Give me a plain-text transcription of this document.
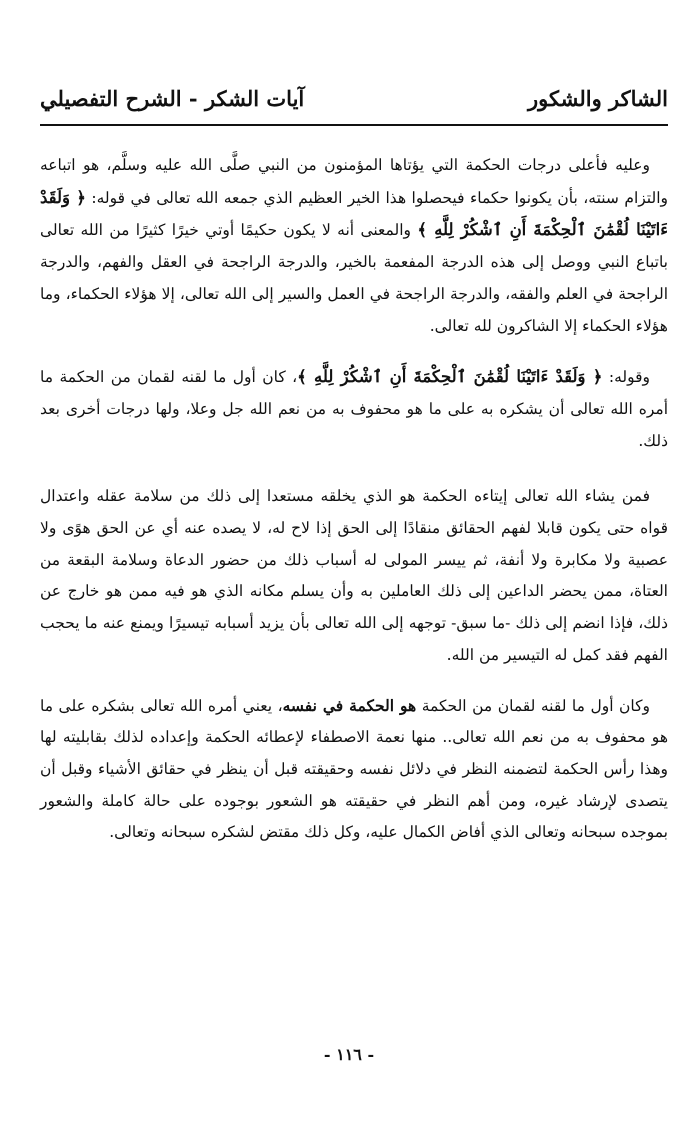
الشاكر والشكور
آيات الشكر - الشرح التفصيلي

وعليه فأعلى درجات الحكمة التي يؤتاها المؤمنون من النبي صلَّى الله عليه وسلَّم، هو اتباعه والتزام سنته، بأن يكونوا حكماء فيحصلوا هذا الخير العظيم الذي جمعه الله تعالى في قوله: ﴿ وَلَقَدْ ءَاتَيْنَا لُقْمَٰنَ ٱلْحِكْمَةَ أَنِ ٱشْكُرْ لِلَّهِ ﴾ والمعنى أنه لا يكون حكيمًا أوتي خيرًا كثيرًا من الله تعالى باتباع النبي ووصل إلى هذه الدرجة المفعمة بالخير، والدرجة الراجحة في العقل والفهم، والدرجة الراجحة في العلم والفقه، والدرجة الراجحة في العمل والسير إلى الله تعالى، إلا هؤلاء الحكماء، وما هؤلاء الحكماء إلا الشاكرون لله تعالى.

وقوله: ﴿ وَلَقَدْ ءَاتَيْنَا لُقْمَٰنَ ٱلْحِكْمَةَ أَنِ ٱشْكُرْ لِلَّهِ ﴾، كان أول ما لقنه لقمان من الحكمة ما أمره الله تعالى أن يشكره به على ما هو محفوف به من نعم الله جل وعلا، ولها درجات أخرى بعد ذلك.

فمن يشاء الله تعالى إيتاءه الحكمة هو الذي يخلقه مستعدا إلى ذلك من سلامة عقله واعتدال قواه حتى يكون قابلا لفهم الحقائق منقادًا إلى الحق إذا لاح له، لا يصده عنه أي عن الحق هوًى ولا عصبية ولا مكابرة ولا أنفة، ثم ييسر المولى له أسباب ذلك من حضور الدعاة وسلامة البقعة من العتاة، ممن يحضر الداعين إلى ذلك العاملين به وأن يسلم مكانه الذي هو فيه ممن هو خارج عن ذلك، فإذا انضم إلى ذلك -ما سبق- توجهه إلى الله تعالى بأن يزيد أسبابه تيسيرًا ويمنع عنه ما يحجب الفهم فقد كمل له التيسير من الله.

وكان أول ما لقنه لقمان من الحكمة هو الحكمة في نفسه، يعني أمره الله تعالى بشكره على ما هو محفوف به من نعم الله تعالى.. منها نعمة الاصطفاء لإعطائه الحكمة وإعداده لذلك بقابليته لها وهذا رأس الحكمة لتضمنه النظر في دلائل نفسه وحقيقته قبل أن ينظر في حقائق الأشياء وقبل أن يتصدى لإرشاد غيره، ومن أهم النظر في حقيقته هو الشعور بوجوده على حالة كاملة والشعور بموجده سبحانه وتعالى الذي أفاض الكمال عليه، وكل ذلك مقتض لشكره سبحانه وتعالى.

- ١١٦ -
